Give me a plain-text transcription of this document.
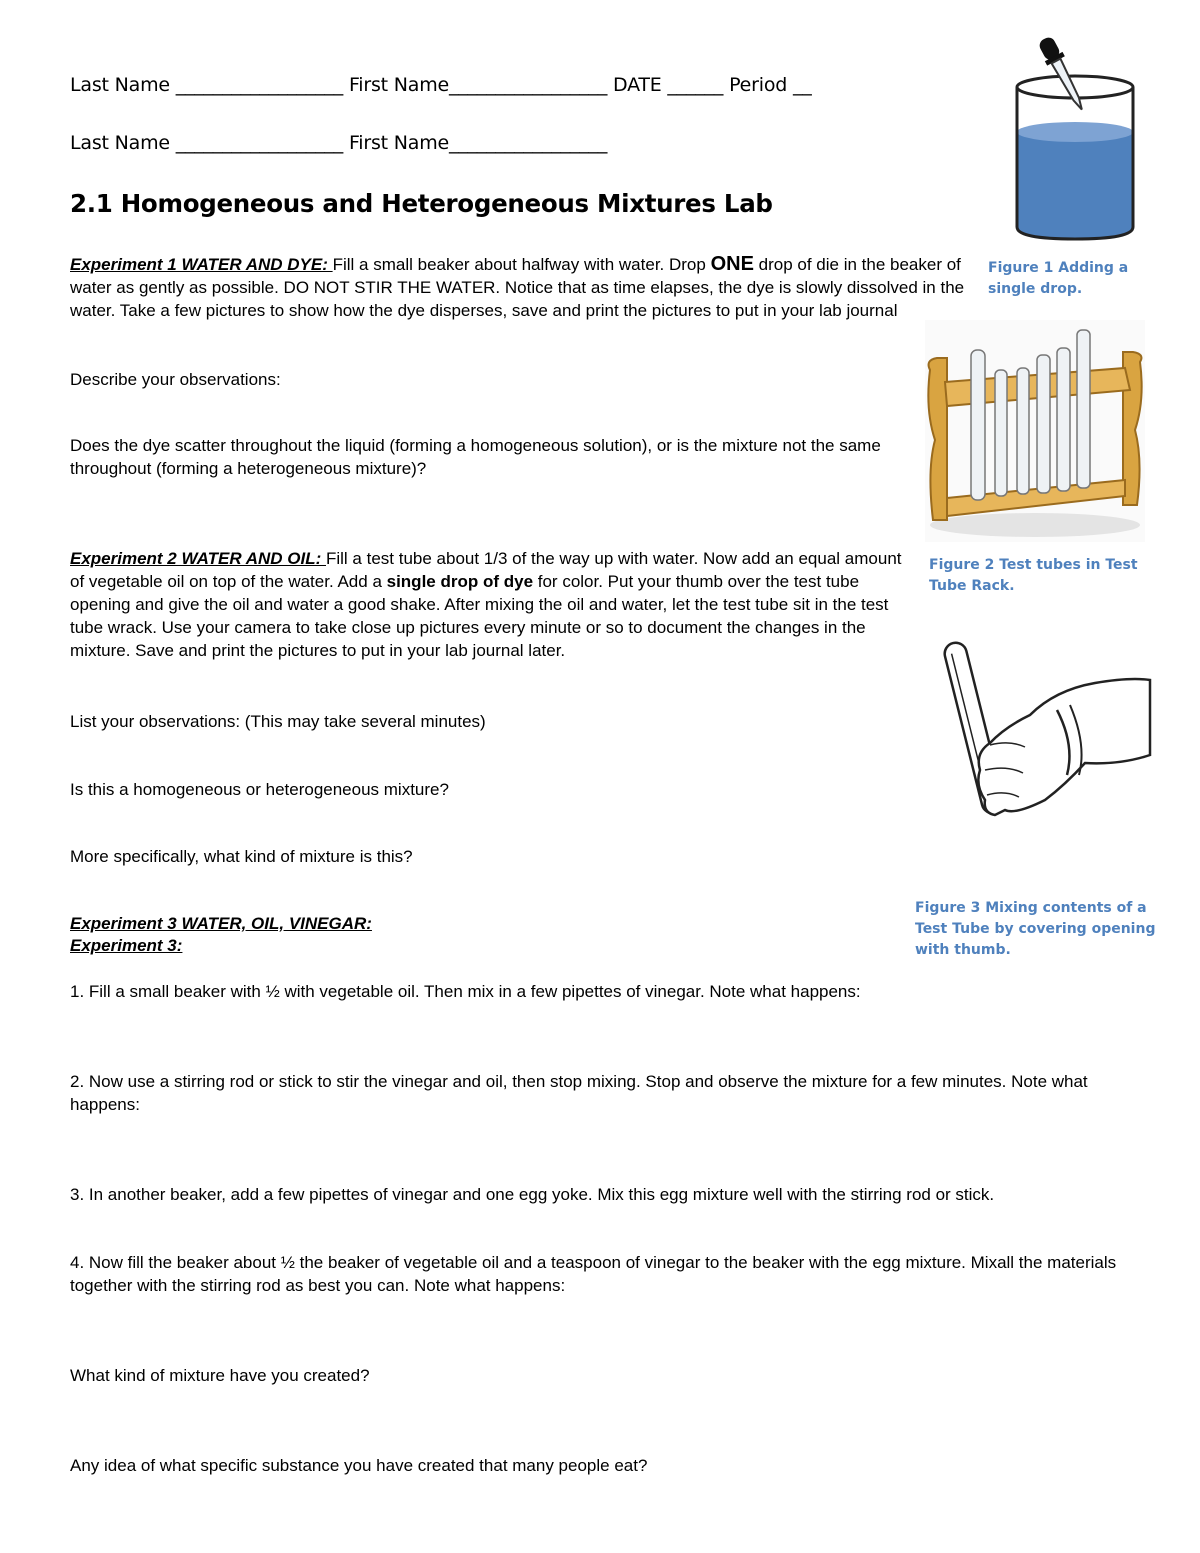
Last Name __________________ First Name_________________ DATE ______ Period __
Last Name __________________ First Name_________________
2.1 Homogeneous and Heterogeneous Mixtures Lab
Experiment 1 WATER AND DYE: Fill a small beaker about halfway with water. Drop ONE drop of die in the beaker of water as gently as possible. DO NOT STIR THE WATER. Notice that as time elapses, the dye is slowly dissolved in the water. Take a few pictures to show how the dye disperses, save and print the pictures to put in your lab journal
Describe your observations:
Does the dye scatter throughout the liquid (forming a homogeneous solution), or is the mixture not the same throughout (forming a heterogeneous mixture)?
Experiment 2 WATER AND OIL: Fill a test tube about 1/3 of the way up with water. Now add an equal amount of vegetable oil on top of the water. Add a single drop of dye for color. Put your thumb over the test tube opening and give the oil and water a good shake. After mixing the oil and water, let the test tube sit in the test tube wrack. Use your camera to take close up pictures every minute or so to document the changes in the mixture. Save and print the pictures to put in your lab journal later.
List your observations: (This may take several minutes)
Is this a homogeneous or heterogeneous mixture?
More specifically, what kind of mixture is this?
Experiment 3 WATER, OIL, VINEGAR:
Experiment 3:
1. Fill a small beaker with ½ with vegetable oil. Then mix in a few pipettes of vinegar. Note what happens:
2. Now use a stirring rod or stick to stir the vinegar and oil, then stop mixing. Stop and observe the mixture for a few minutes. Note what happens:
3. In another beaker, add a few pipettes of vinegar and one egg yoke. Mix this egg mixture well with the stirring rod or stick.
4. Now fill the beaker about ½ the beaker of vegetable oil and a teaspoon of vinegar to the beaker with the egg mixture. Mixall the materials together with the stirring rod as best you can. Note what happens:
What kind of mixture have you created?
Any idea of what specific substance you have created that many people eat?
Figure 1 Adding a single drop.
Figure 2 Test tubes in Test Tube Rack.
Figure 3 Mixing contents of a Test Tube by covering opening with thumb.
